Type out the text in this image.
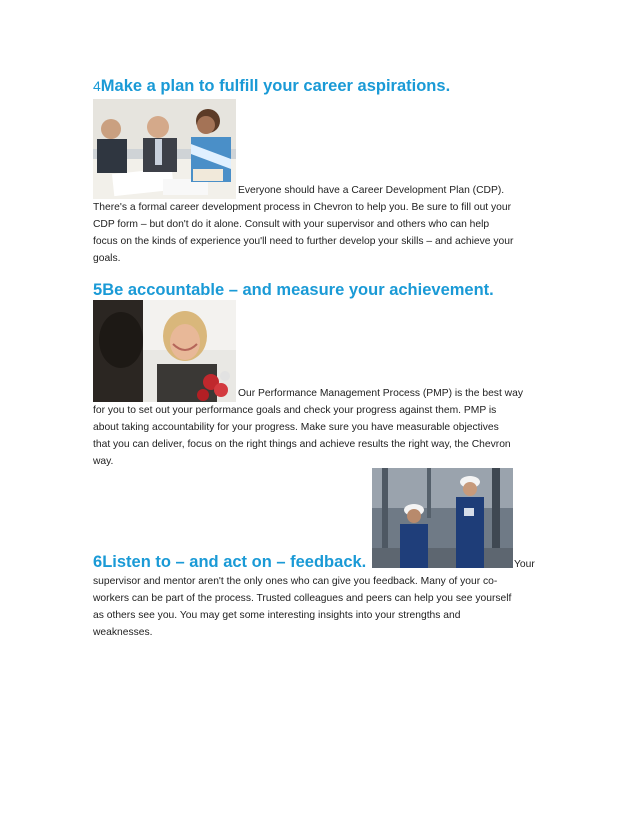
4Make a plan to fulfill your career aspirations.

Everyone should have a Career Development Plan (CDP).

There's a formal career development process in Chevron to help you. Be sure to fill out your

CDP form – but don't do it alone. Consult with your supervisor and others who can help

focus on the kinds of experience you'll need to further develop your skills – and achieve your

goals.

5Be accountable – and measure your achievement.

Our Performance Management Process (PMP) is the best way

for you to set out your performance goals and check your progress against them. PMP is

about taking accountability for your progress. Make sure you have measurable objectives

that you can deliver, focus on the right things and achieve results the right way, the Chevron

way.

6Listen to – and act on – feedback.	Your

supervisor and mentor aren't the only ones who can give you feedback. Many of your co-

workers can be part of the process. Trusted colleagues and peers can help you see yourself

as others see you. You may get some interesting insights into your strengths and

weaknesses.
